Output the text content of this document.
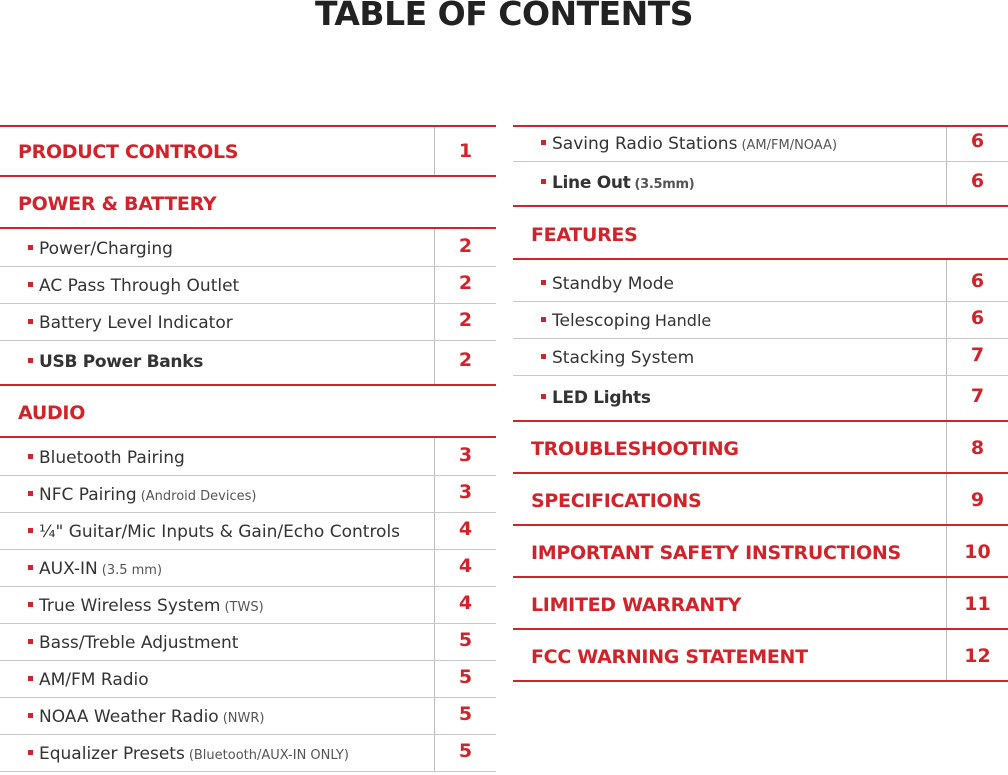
TABLE OF CONTENTS
PRODUCT CONTROLS	1
POWER & BATTERY
Power/Charging	2
AC Pass Through Outlet	2
Battery Level Indicator	2
USB Power Banks	2
AUDIO
Bluetooth Pairing	3
NFC Pairing (Android Devices)	3
¼" Guitar/Mic Inputs & Gain/Echo Controls	4
AUX-IN (3.5 mm)	4
True Wireless System (TWS)	4
Bass/Treble Adjustment	5
AM/FM Radio	5
NOAA Weather Radio (NWR)	5
Equalizer Presets (Bluetooth/AUX-IN ONLY)	5
Saving Radio Stations (AM/FM/NOAA)	6
Line Out (3.5mm)	6
FEATURES
Standby Mode	6
Telescoping Handle	6
Stacking System	7
LED Lights	7
TROUBLESHOOTING	8
SPECIFICATIONS	9
IMPORTANT SAFETY INSTRUCTIONS	10
LIMITED WARRANTY	11
FCC WARNING STATEMENT	12
